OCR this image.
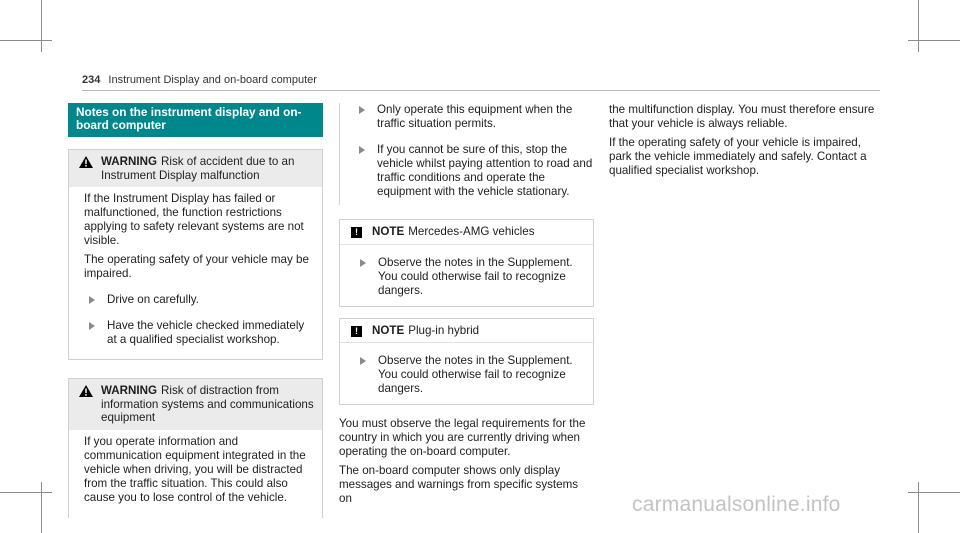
234 Instrument Display and on-board computer
Notes on the instrument display and on-board computer
WARNING Risk of accident due to an Instrument Display malfunction

If the Instrument Display has failed or malfunctioned, the function restrictions applying to safety relevant systems are not visible.

The operating safety of your vehicle may be impaired.

Drive on carefully.
Have the vehicle checked immediately at a qualified specialist workshop.
WARNING Risk of distraction from information systems and communications equipment

If you operate information and communication equipment integrated in the vehicle when driving, you will be distracted from the traffic situation. This could also cause you to lose control of the vehicle.

Only operate this equipment when the traffic situation permits.
If you cannot be sure of this, stop the vehicle whilst paying attention to road and traffic conditions and operate the equipment with the vehicle stationary.
!	NOTE Mercedes-AMG vehicles
Observe the notes in the Supplement. You could otherwise fail to recognize dangers.
!	NOTE Plug-in hybrid
Observe the notes in the Supplement. You could otherwise fail to recognize dangers.

You must observe the legal requirements for the country in which you are currently driving when operating the on-board computer.

The on-board computer shows only display messages and warnings from specific systems on

the multifunction display. You must therefore ensure that your vehicle is always reliable.

If the operating safety of your vehicle is impaired, park the vehicle immediately and safely. Contact a qualified specialist workshop.

carmanualsonline.info
